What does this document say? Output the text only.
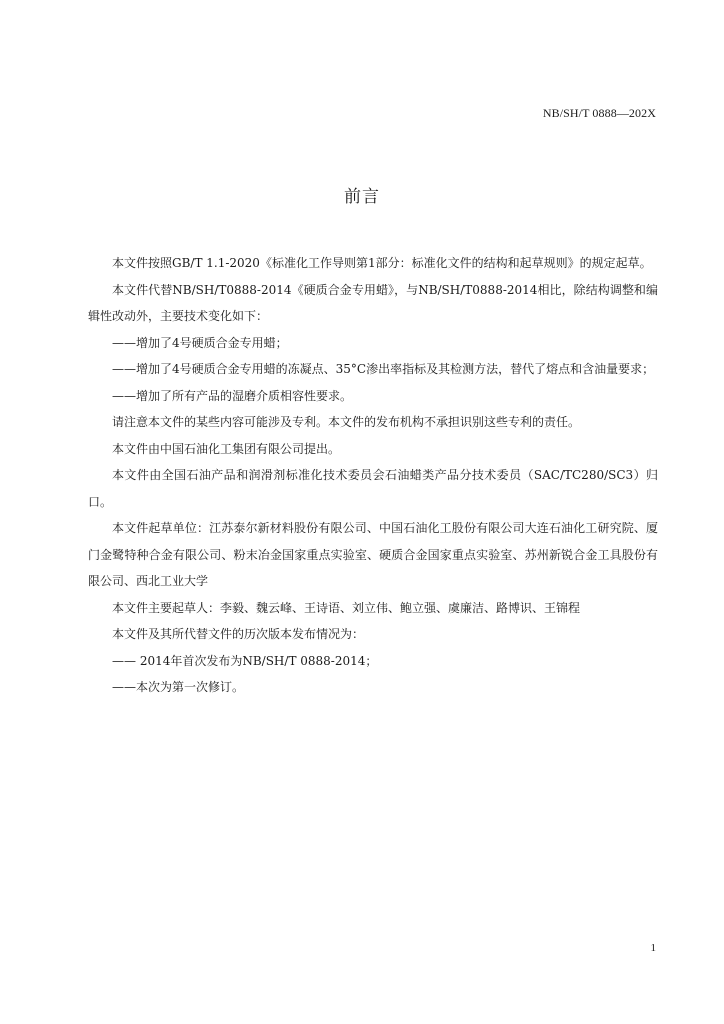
NB/SH/T 0888—202X
前言

本文件按照GB/T 1.1-2020《标准化工作导则第1部分：标准化文件的结构和起草规则》的规定起草。

本文件代替NB/SH/T0888-2014《硬质合金专用蜡》，与NB/SH/T0888-2014相比，除结构调整和编辑性改动外，主要技术变化如下：

——增加了4号硬质合金专用蜡；

——增加了4号硬质合金专用蜡的冻凝点、35°C渗出率指标及其检测方法，替代了熔点和含油量要求；

——增加了所有产品的湿磨介质相容性要求。

请注意本文件的某些内容可能涉及专利。本文件的发布机构不承担识别这些专利的责任。

本文件由中国石油化工集团有限公司提出。

本文件由全国石油产品和润滑剂标准化技术委员会石油蜡类产品分技术委员（SAC/TC280/SC3）归口。

本文件起草单位：江苏泰尔新材料股份有限公司、中国石油化工股份有限公司大连石油化工研究院、厦门金鹭特种合金有限公司、粉末冶金国家重点实验室、硬质合金国家重点实验室、苏州新锐合金工具股份有限公司、西北工业大学

本文件主要起草人：李毅、魏云峰、王诗语、刘立伟、鲍立强、虞廉洁、路博识、王锦程

本文件及其所代替文件的历次版本发布情况为：

—— 2014年首次发布为NB/SH/T 0888-2014；

——本次为第一次修订。

1
